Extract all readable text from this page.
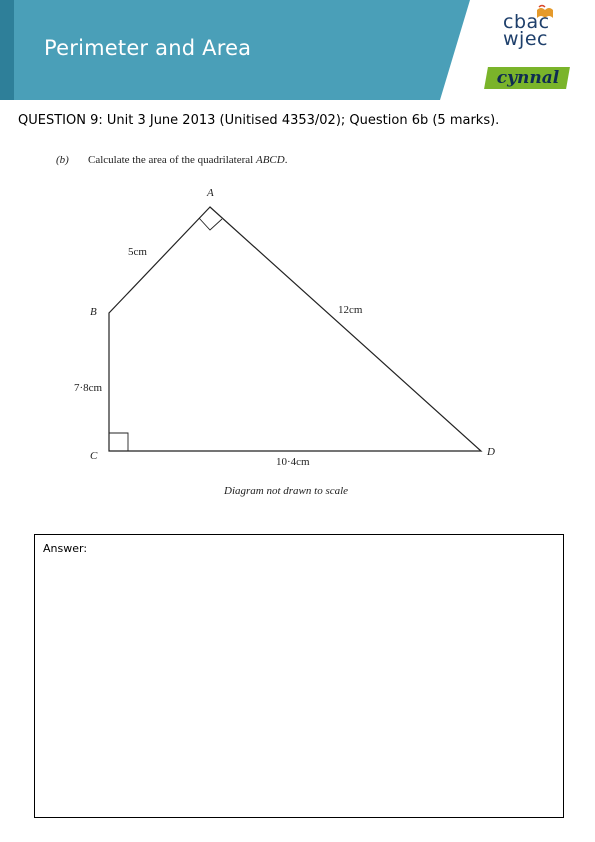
Perimeter and Area
cbac
wjec
cynnal
QUESTION 9: Unit 3 June 2013 (Unitised 4353/02); Question 6b (5 marks).
(b) Calculate the area of the quadrilateral ABCD.
A
B
C	D
5cm
12cm
7·8cm
10·4cm
Diagram not drawn to scale
Answer:
